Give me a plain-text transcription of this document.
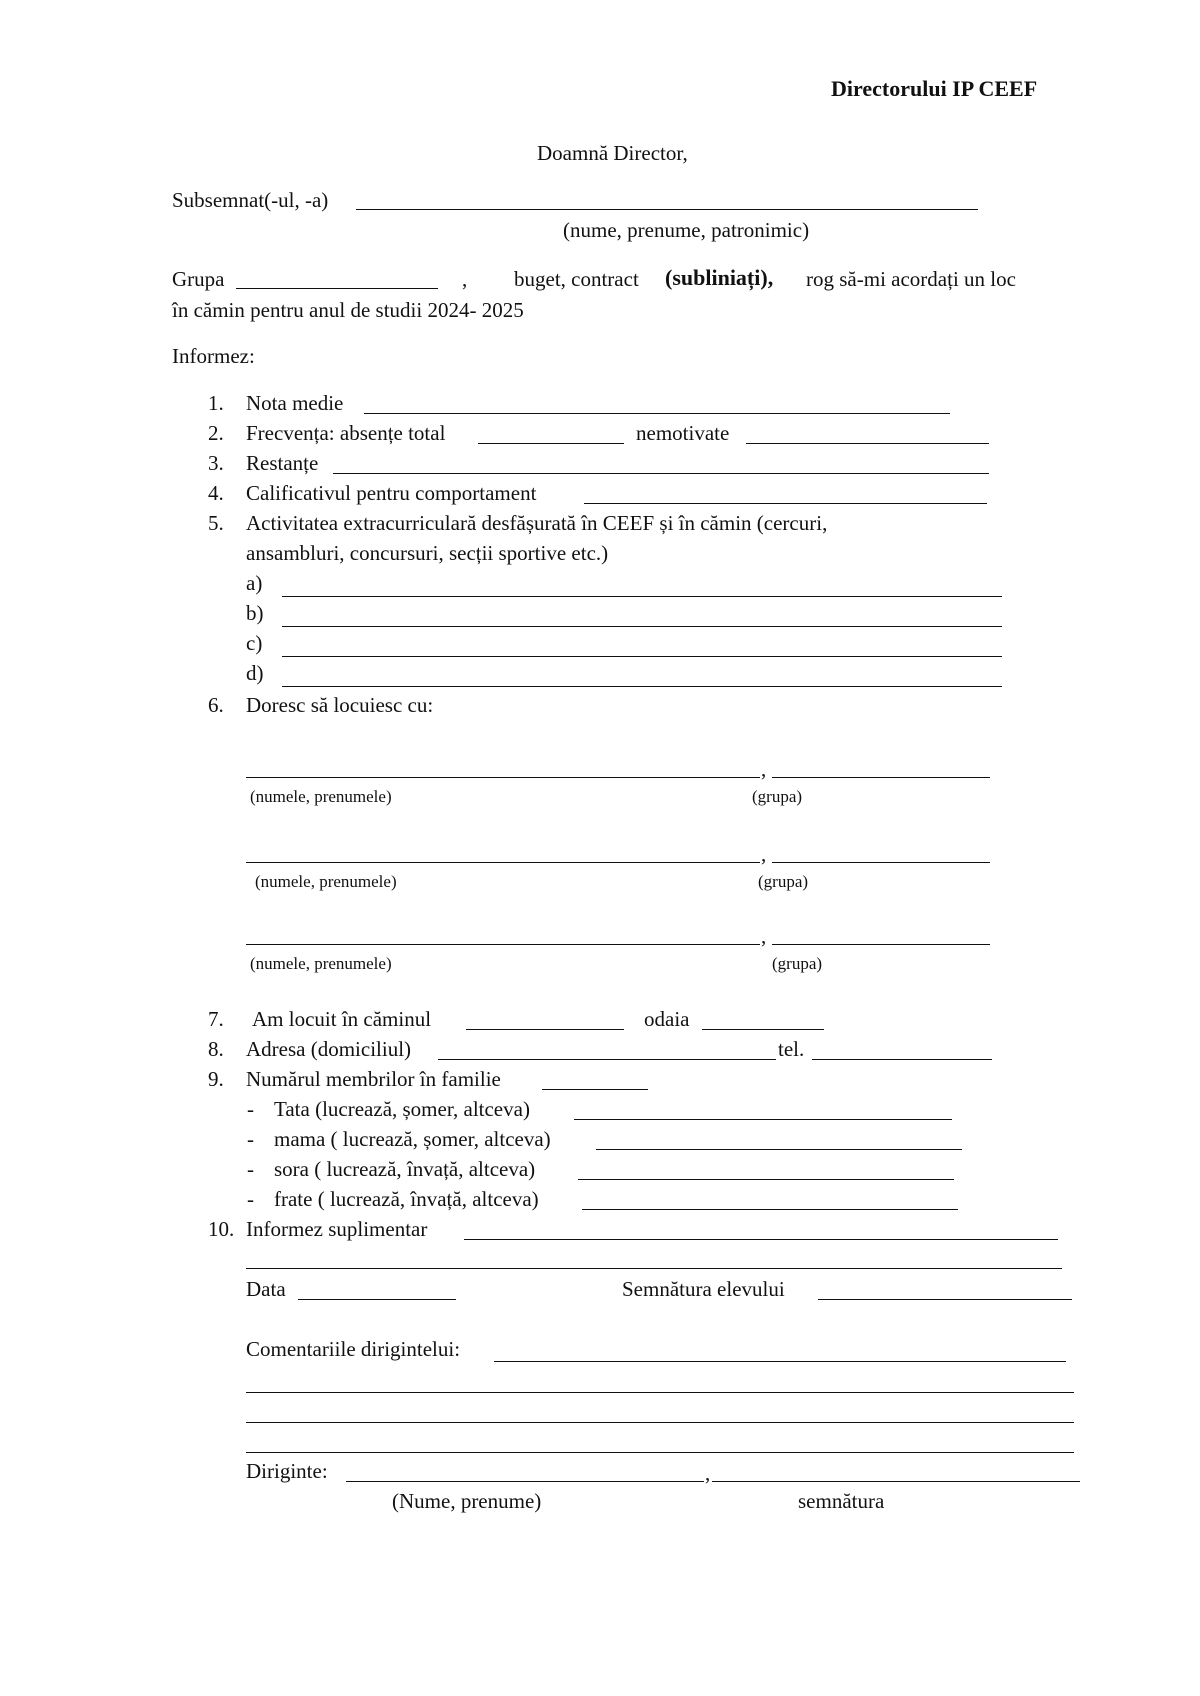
Directorului IP CEEF
Doamnă Director,
Subsemnat(-ul, -a)
(nume, prenume, patronimic)
Grupa	, buget, contract (subliniați), rog să-mi acordați un loc
în cămin pentru anul de studii 2024- 2025
Informez:
1. Nota medie
2. Frecvența: absențe total	nemotivate
3. Restanțe
4. Calificativul pentru comportament
5. Activitatea extracurriculară desfășurată în CEEF și în cămin (cercuri,
ansambluri, concursuri, secții sportive etc.)
a)
b)
c)
d)
6. Doresc să locuiesc cu:
,
(numele, prenumele)	(grupa)
,
(numele, prenumele)	(grupa)
,
(numele, prenumele)	(grupa)
7. Am locuit în căminul	odaia
8. Adresa (domiciliul)	tel.
9. Numărul membrilor în familie
- Tata (lucrează, șomer, altceva)
- mama ( lucrează, șomer, altceva)
- sora ( lucrează, învață, altceva)
- frate ( lucrează, învață, altceva)
10. Informez suplimentar
Data	Semnătura elevului
Comentariile dirigintelui:
Diriginte:	,
(Nume, prenume)	semnătura
